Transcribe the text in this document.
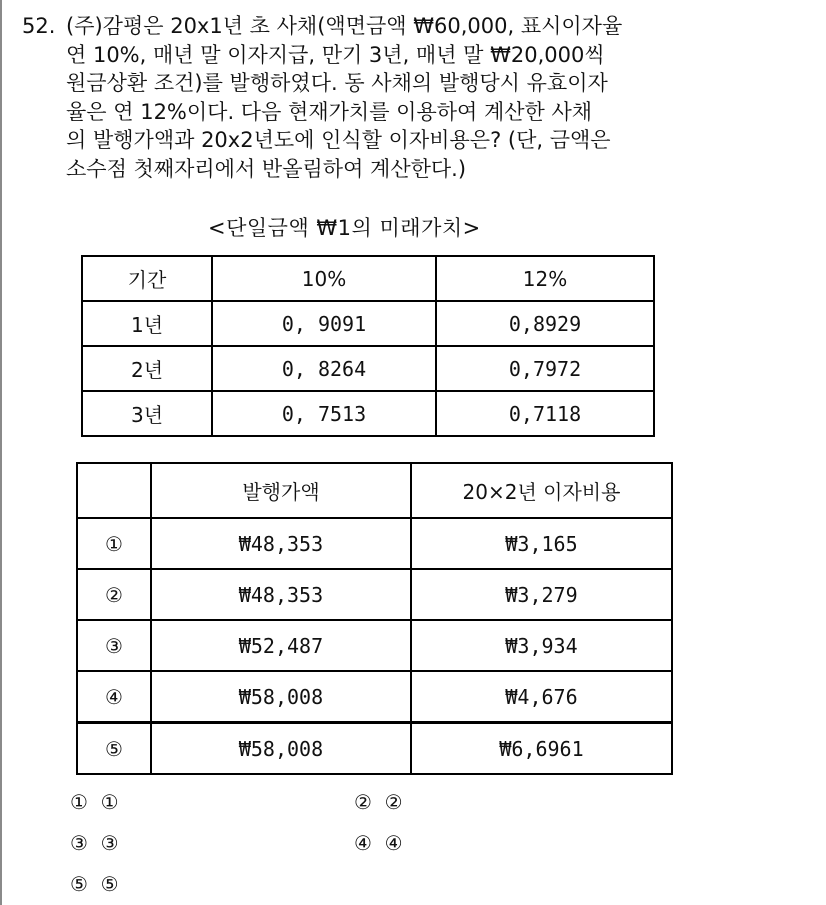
52. (주)감평은 20x1년 초 사채(액면금액 ₩60,000, 표시이자율
연 10%, 매년 말 이자지급, 만기 3년, 매년 말 ₩20,000씩
원금상환 조건)를 발행하였다. 동 사채의 발행당시 유효이자
율은 연 12%이다. 다음 현재가치를 이용하여 계산한 사채
의 발행가액과 20x2년도에 인식할 이자비용은? (단, 금액은
소수점 첫째자리에서 반올림하여 계산한다.)
<단일금액 ₩1의 미래가치>
기간	10%	12%
1년	0, 9091	0,8929
2년	0, 8264	0,7972
3년	0, 7513	0,7118
	발행가액	20×2년 이자비용
①	₩48,353	₩3,165
②	₩48,353	₩3,279
③	₩52,487	₩3,934
④	₩58,008	₩4,676
⑤	₩58,008	₩6,6961
① ①	② ②
③ ③	④ ④
⑤ ⑤
